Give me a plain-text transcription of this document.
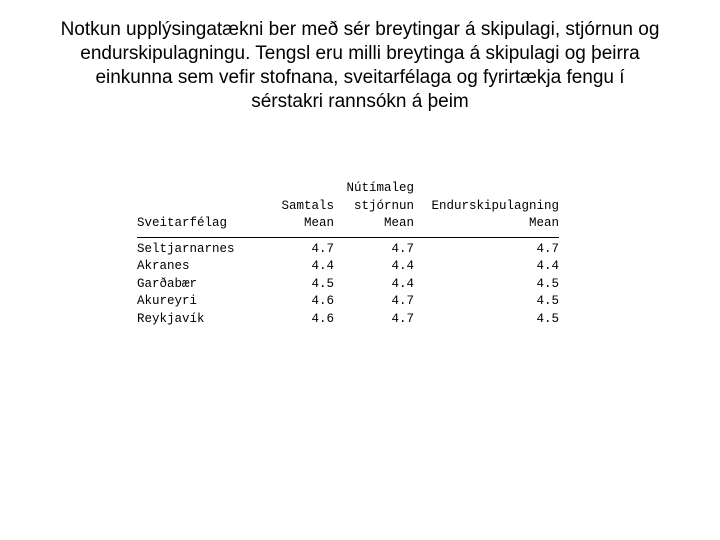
Notkun upplýsingatækni ber með sér breytingar á skipulagi, stjórnun og
endurskipulagningu. Tengsl eru milli breytinga á skipulagi og þeirra
einkunna sem vefir stofnana, sveitarfélaga og fyrirtækja fengu í
sérstakri rannsókn á þeim
		Nútímaleg	
	Samtals	stjórnun	Endurskipulagning
Sveitarfélag	Mean	Mean	Mean

Seltjarnarnes	4.7	4.7	4.7
Akranes	4.4	4.4	4.4
Garðabær	4.5	4.4	4.5
Akureyri	4.6	4.7	4.5
Reykjavík	4.6	4.7	4.5
